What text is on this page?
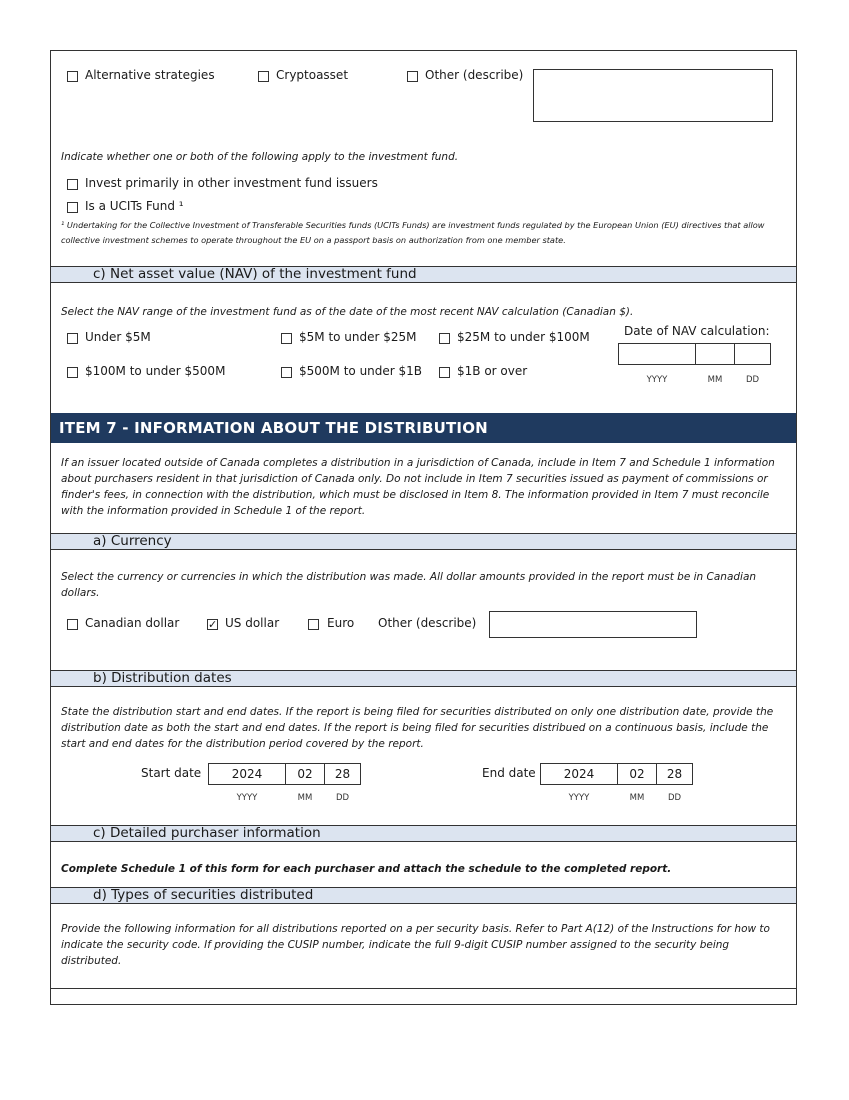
Alternative strategies	Cryptoasset	Other (describe)
Indicate whether one or both of the following apply to the investment fund.
Invest primarily in other investment fund issuers
Is a UCITs Fund ¹
¹ Undertaking for the Collective Investment of Transferable Securities funds (UCITs Funds) are investment funds regulated by the European Union (EU) directives that allow collective investment schemes to operate throughout the EU on a passport basis on authorization from one member state.
c) Net asset value (NAV) of the investment fund
Select the NAV range of the investment fund as of the date of the most recent NAV calculation (Canadian $).
Under $5M	$5M to under $25M	$25M to under $100M
$100M to under $500M	$500M to under $1B	$1B or over
Date of NAV calculation:
YYYY	MM	DD
ITEM 7 - INFORMATION ABOUT THE DISTRIBUTION
If an issuer located outside of Canada completes a distribution in a jurisdiction of Canada, include in Item 7 and Schedule 1 information about purchasers resident in that jurisdiction of Canada only. Do not include in Item 7 securities issued as payment of commissions or finder's fees, in connection with the distribution, which must be disclosed in Item 8. The information provided in Item 7 must reconcile with the information provided in Schedule 1 of the report.
a) Currency
Select the currency or currencies in which the distribution was made. All dollar amounts provided in the report must be in Canadian dollars.
Canadian dollar	✓ US dollar	Euro Other (describe)
b) Distribution dates
State the distribution start and end dates. If the report is being filed for securities distributed on only one distribution date, provide the distribution date as both the start and end dates. If the report is being filed for securities distribued on a continuous basis, include the start and end dates for the distribution period covered by the report.
Start date	2024	02	28
YYYY	MM	DD
End date	2024	02	28
YYYY	MM	DD
c) Detailed purchaser information
Complete Schedule 1 of this form for each purchaser and attach the schedule to the completed report.
d) Types of securities distributed
Provide the following information for all distributions reported on a per security basis. Refer to Part A(12) of the Instructions for how to indicate the security code. If providing the CUSIP number, indicate the full 9-digit CUSIP number assigned to the security being distributed.
